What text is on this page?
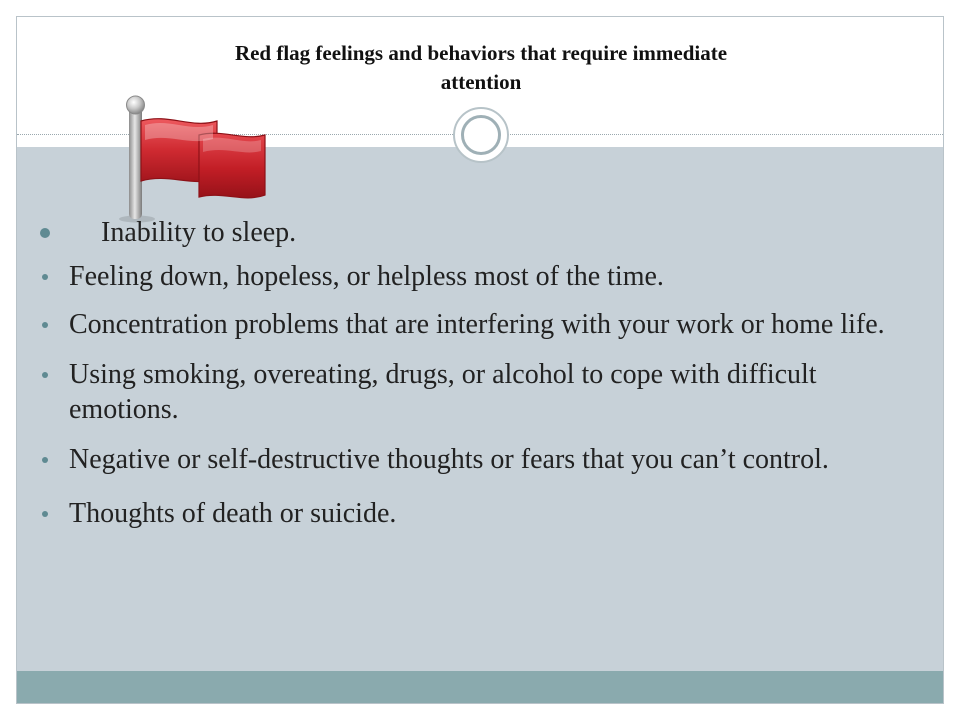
Red flag feelings and behaviors that require immediate attention
Inability to sleep.
Feeling down, hopeless, or helpless most of the time.
Concentration problems that are interfering with your work or home life.
Using smoking, overeating, drugs, or alcohol to cope with difficult emotions.
Negative or self-destructive thoughts or fears that you can’t control.
Thoughts of death or suicide.
